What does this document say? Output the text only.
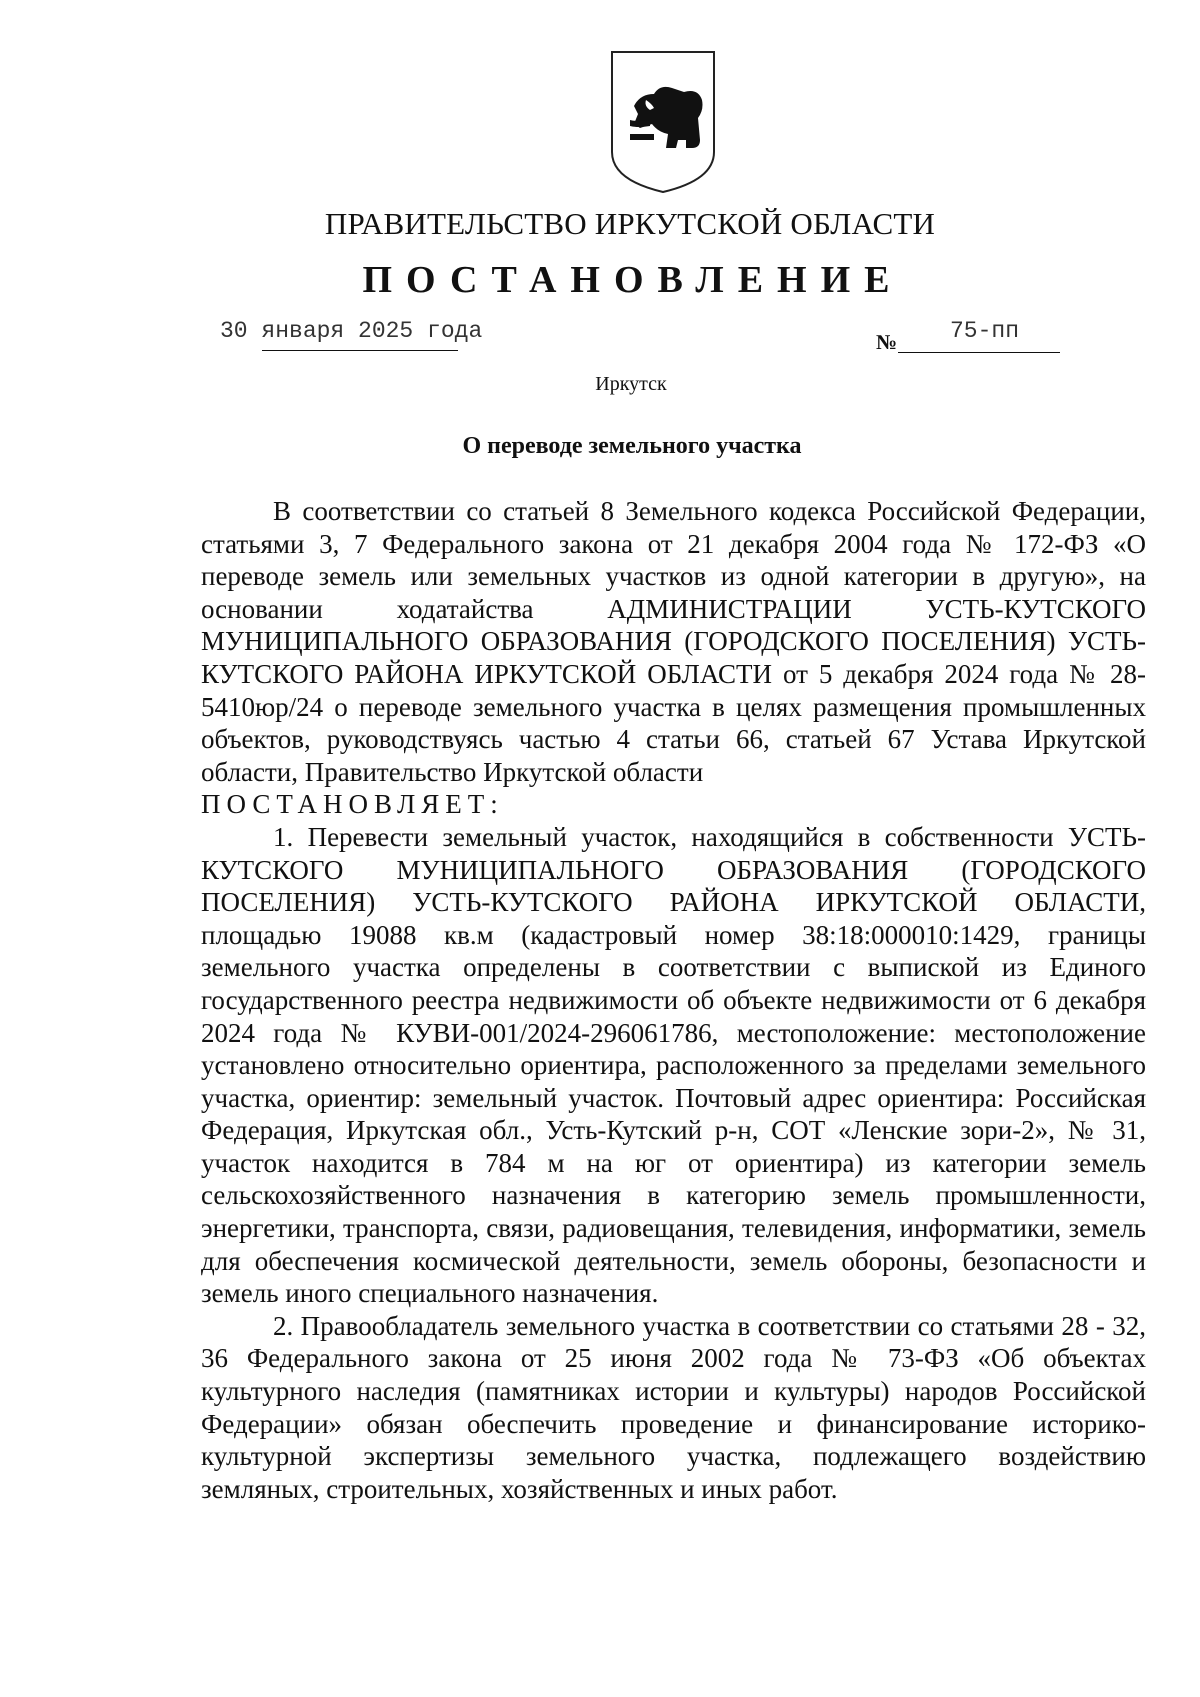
ПРАВИТЕЛЬСТВО ИРКУТСКОЙ ОБЛАСТИ
ПОСТАНОВЛЕНИЕ
30 января 2025 года	№ 75-пп
Иркутск
О переводе земельного участка

В соответствии со статьей 8 Земельного кодекса Российской Федерации, статьями 3, 7 Федерального закона от 21 декабря 2004 года № 172-ФЗ «О переводе земель или земельных участков из одной категории в другую», на основании ходатайства АДМИНИСТРАЦИИ УСТЬ-КУТСКОГО МУНИЦИПАЛЬНОГО ОБРАЗОВАНИЯ (ГОРОДСКОГО ПОСЕЛЕНИЯ) УСТЬ-КУТСКОГО РАЙОНА ИРКУТСКОЙ ОБЛАСТИ от 5 декабря 2024 года № 28-5410юр/24 о переводе земельного участка в целях размещения промышленных объектов, руководствуясь частью 4 статьи 66, статьей 67 Устава Иркутской области, Правительство Иркутской области

ПОСТАНОВЛЯЕТ:

1. Перевести земельный участок, находящийся в собственности УСТЬ-КУТСКОГО МУНИЦИПАЛЬНОГО ОБРАЗОВАНИЯ (ГОРОДСКОГО ПОСЕЛЕНИЯ) УСТЬ-КУТСКОГО РАЙОНА ИРКУТСКОЙ ОБЛАСТИ, площадью 19088 кв.м (кадастровый номер 38:18:000010:1429, границы земельного участка определены в соответствии с выпиской из Единого государственного реестра недвижимости об объекте недвижимости от 6 декабря 2024 года № КУВИ-001/2024-296061786, местоположение: местоположение установлено относительно ориентира, расположенного за пределами земельного участка, ориентир: земельный участок. Почтовый адрес ориентира: Российская Федерация, Иркутская обл., Усть-Кутский р-н, СОТ «Ленские зори-2», № 31, участок находится в 784 м на юг от ориентира) из категории земель сельскохозяйственного назначения в категорию земель промышленности, энергетики, транспорта, связи, радиовещания, телевидения, информатики, земель для обеспечения космической деятельности, земель обороны, безопасности и земель иного специального назначения.

2. Правообладатель земельного участка в соответствии со статьями 28 - 32, 36 Федерального закона от 25 июня 2002 года № 73-ФЗ «Об объектах культурного наследия (памятниках истории и культуры) народов Российской Федерации» обязан обеспечить проведение и финансирование историко-культурной экспертизы земельного участка, подлежащего воздействию земляных, строительных, хозяйственных и иных работ.
